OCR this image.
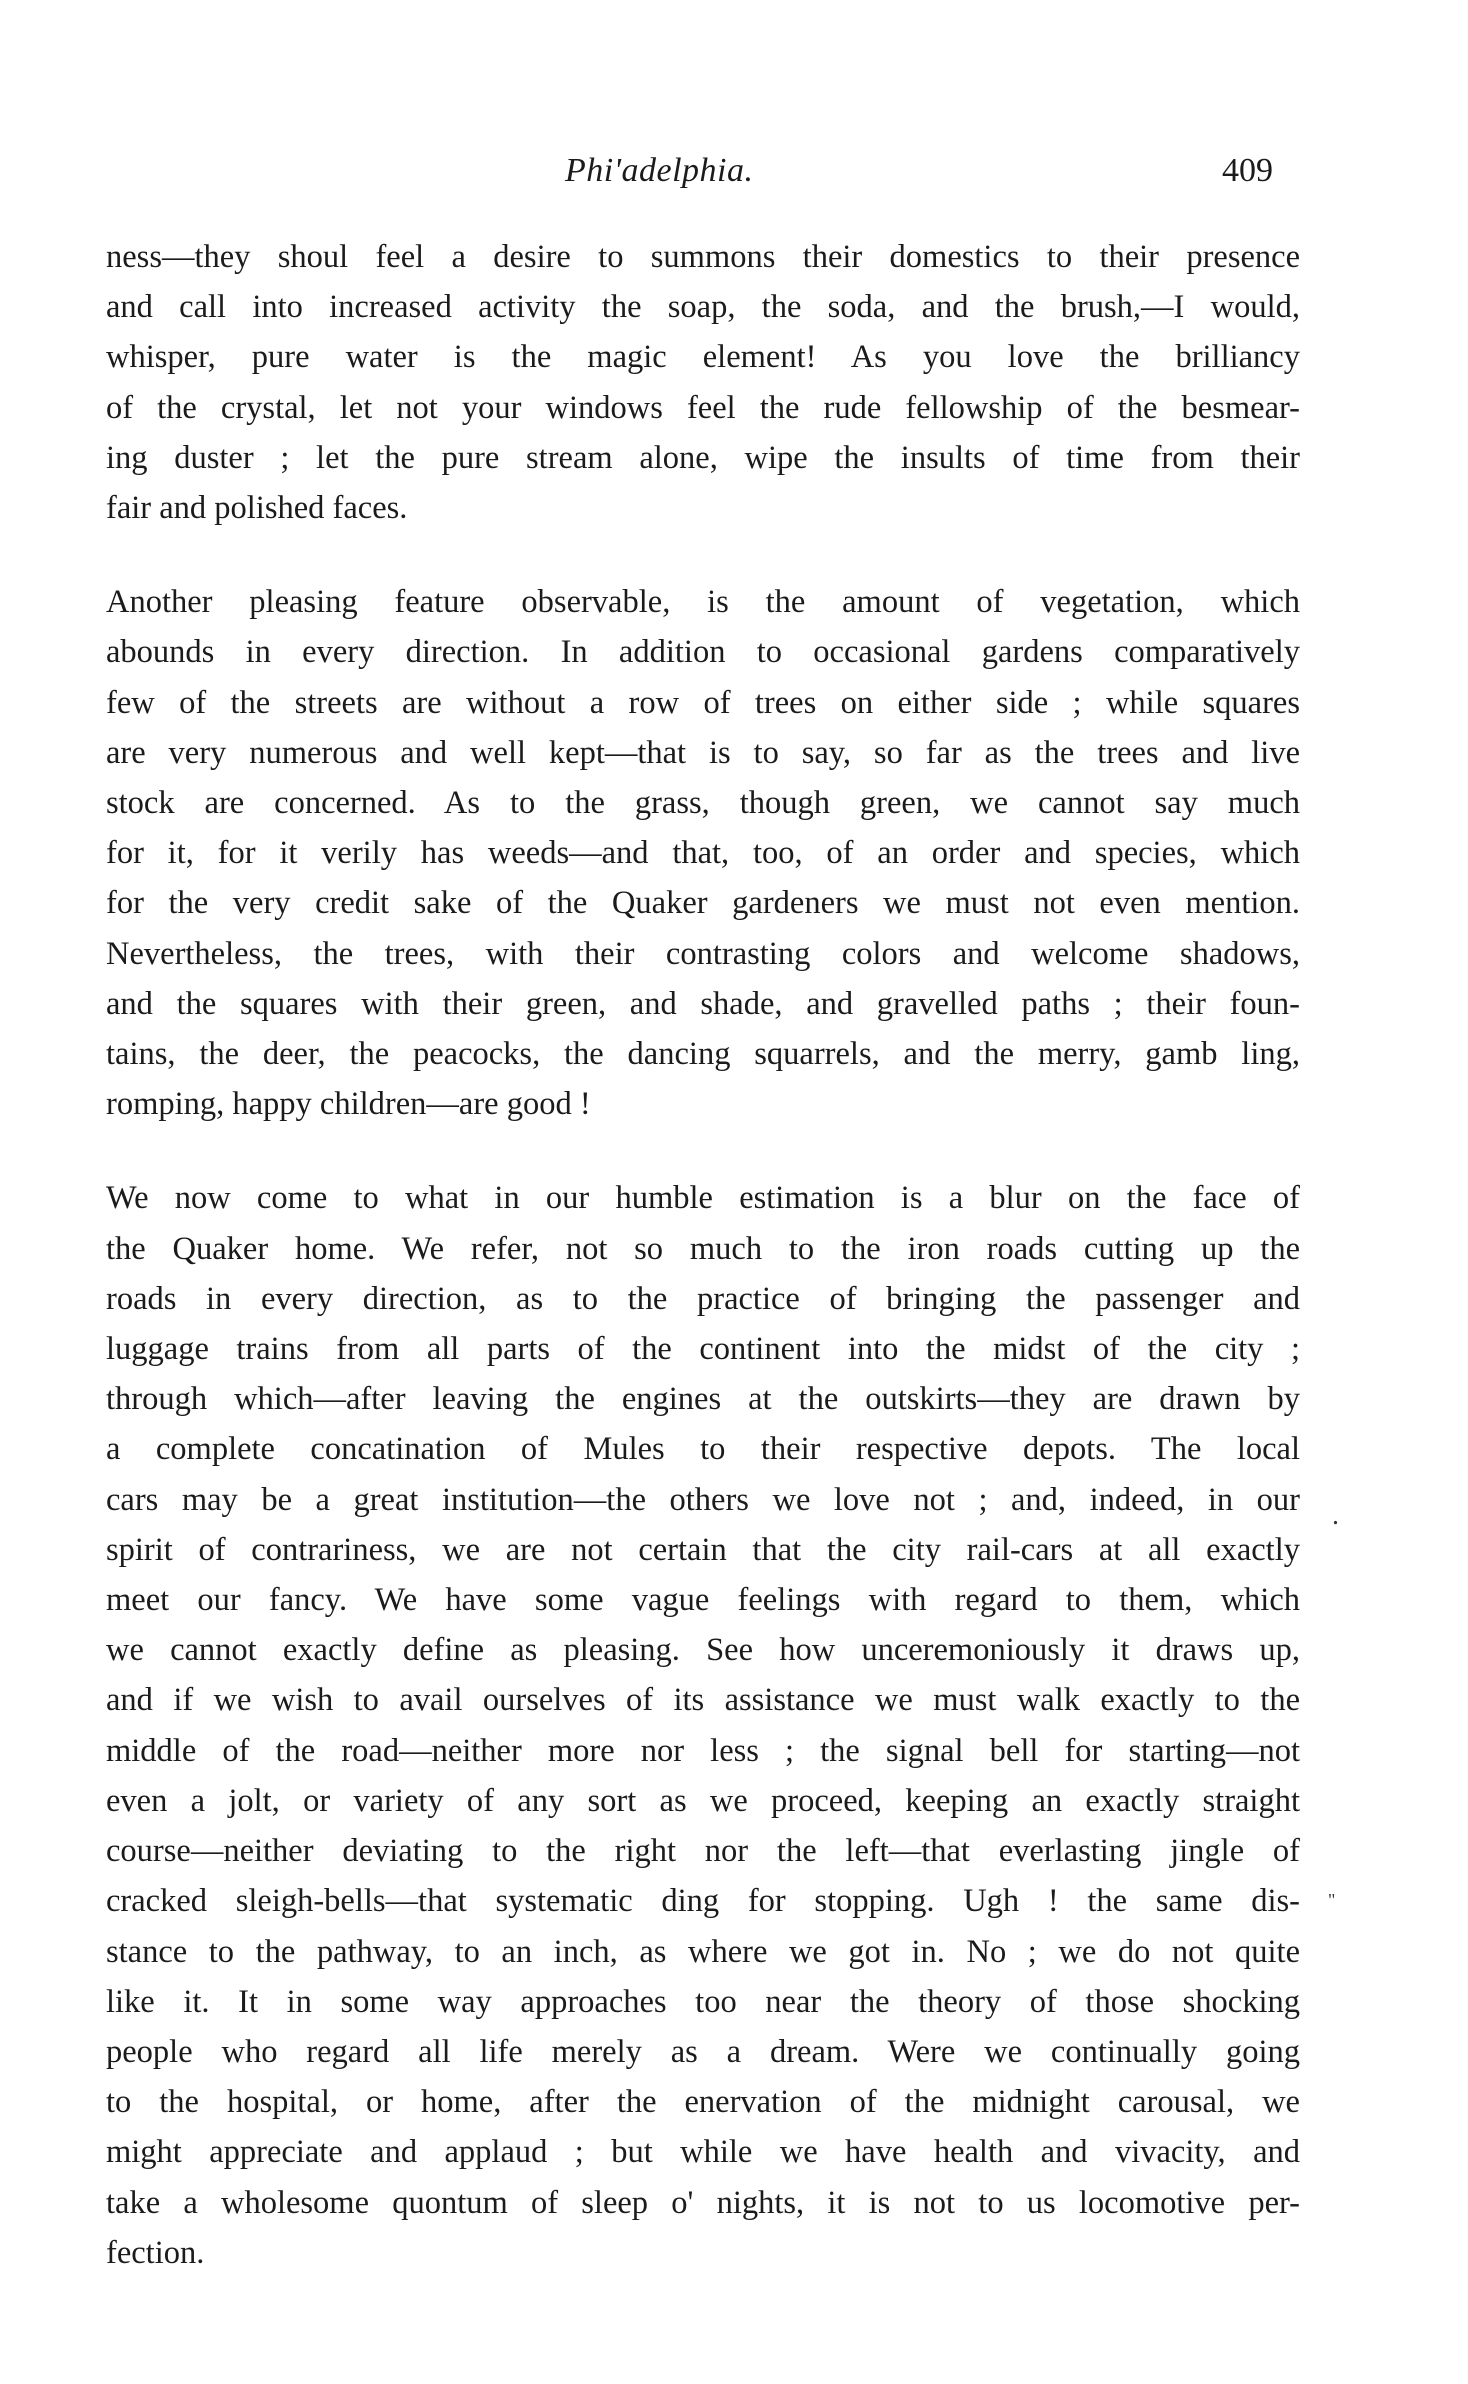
Phi'adelphia.	409
ness—they shoul feel a desire to summons their domestics to their presence
and call into increased activity the soap, the soda, and the brush,—I would,
whisper, pure water is the magic element! As you love the brilliancy
of the crystal, let not your windows feel the rude fellowship of the besmear-
ing duster ; let the pure stream alone, wipe the insults of time from their
fair and polished faces.
Another pleasing feature observable, is the amount of vegetation, which
abounds in every direction. In addition to occasional gardens comparatively
few of the streets are without a row of trees on either side ; while squares
are very numerous and well kept—that is to say, so far as the trees and live
stock are concerned. As to the grass, though green, we cannot say much
for it, for it verily has weeds—and that, too, of an order and species, which
for the very credit sake of the Quaker gardeners we must not even mention.
Nevertheless, the trees, with their contrasting colors and welcome shadows,
and the squares with their green, and shade, and gravelled paths ; their foun-
tains, the deer, the peacocks, the dancing squarrels, and the merry, gamb ling,
romping, happy children—are good !
We now come to what in our humble estimation is a blur on the face of
the Quaker home. We refer, not so much to the iron roads cutting up the
roads in every direction, as to the practice of bringing the passenger and
luggage trains from all parts of the continent into the midst of the city ;
through which—after leaving the engines at the outskirts—they are drawn by
a complete concatination of Mules to their respective depots. The local
cars may be a great institution—the others we love not ; and, indeed, in our
spirit of contrariness, we are not certain that the city rail-cars at all exactly
meet our fancy. We have some vague feelings with regard to them, which
we cannot exactly define as pleasing. See how unceremoniously it draws up,
and if we wish to avail ourselves of its assistance we must walk exactly to the
middle of the road—neither more nor less ; the signal bell for starting—not
even a jolt, or variety of any sort as we proceed, keeping an exactly straight
course—neither deviating to the right nor the left—that everlasting jingle of
cracked sleigh-bells—that systematic ding for stopping. Ugh ! the same dis-
stance to the pathway, to an inch, as where we got in. No ; we do not quite
like it. It in some way approaches too near the theory of those shocking
people who regard all life merely as a dream. Were we continually going
to the hospital, or home, after the enervation of the midnight carousal, we
might appreciate and applaud ; but while we have health and vivacity, and
take a wholesome quontum of sleep o' nights, it is not to us locomotive per-
fection.
.
"
